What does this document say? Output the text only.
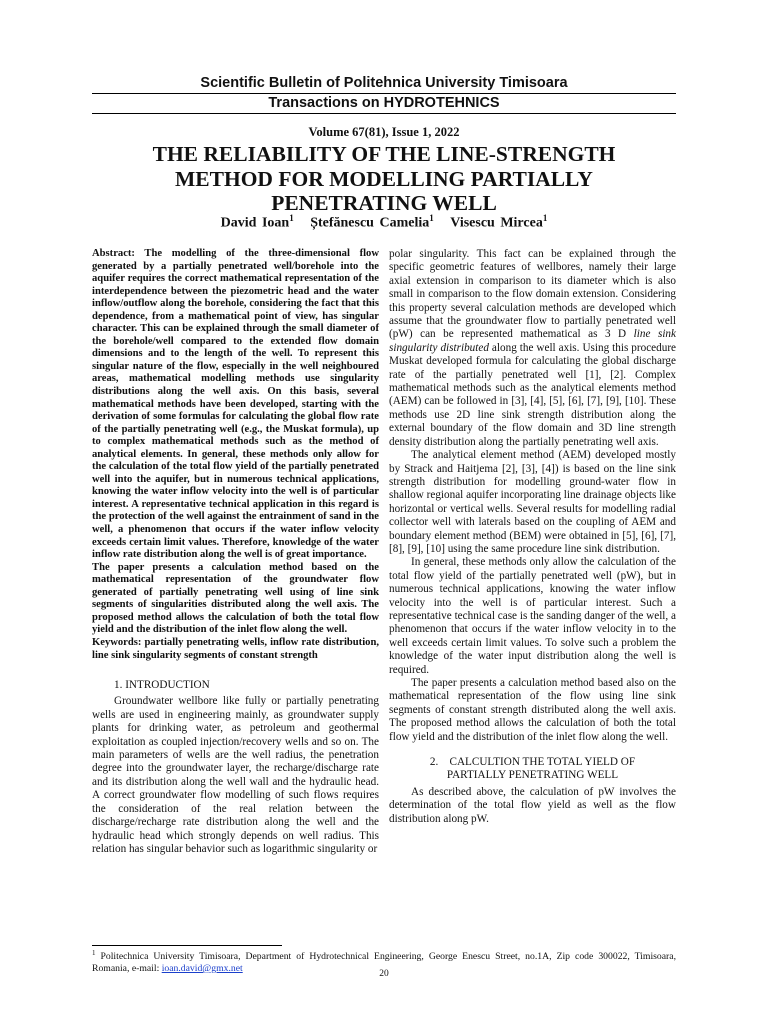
Scientific Bulletin of Politehnica University Timisoara
Transactions on HYDROTEHNICS
Volume 67(81), Issue 1, 2022
THE RELIABILITY OF THE LINE-STRENGTH METHOD FOR MODELLING PARTIALLY PENETRATING WELL
David Ioan$^1$ Ștefănescu Camelia$^1$ Visescu Mircea$^1$

Abstract: The modelling of the three-dimensional flow generated by a partially penetrated well/borehole into the aquifer requires the correct mathematical representation of the interdependence between the piezometric head and the water inflow/outflow along the borehole, considering the fact that this dependence, from a mathematical point of view, has singular character. This can be explained through the small diameter of the borehole/well compared to the extended flow domain dimensions and to the length of the well. To represent this singular nature of the flow, especially in the well neighboured areas, mathematical modelling methods use singularity distributions along the well axis. On this basis, several mathematical methods have been developed, starting with the derivation of some formulas for calculating the global flow rate of the partially penetrating well (e.g., the Muskat formula), up to complex mathematical methods such as the method of analytical elements. In general, these methods only allow for the calculation of the total flow yield of the partially penetrated well into the aquifer, but in numerous technical applications, knowing the water inflow velocity into the well is of particular interest. A representative technical application in this regard is the protection of the well against the entrainment of sand in the well, a phenomenon that occurs if the water inflow velocity exceeds certain limit values. Therefore, knowledge of the water inflow rate distribution along the well is of great importance.

The paper presents a calculation method based on the mathematical representation of the groundwater flow generated of partially penetrating well using of line sink segments of singularities distributed along the well axis. The proposed method allows the calculation of both the total flow yield and the distribution of the inlet flow along the well.

Keywords: partially penetrating wells, inflow rate distribution, line sink singularity segments of constant strength

1. INTRODUCTION

Groundwater wellbore like fully or partially penetrating wells are used in engineering mainly, as groundwater supply plants for drinking water, as petroleum and geothermal exploitation as coupled injection/recovery wells and so on. The main parameters of wells are the well radius, the penetration degree into the groundwater layer, the recharge/discharge rate and its distribution along the well wall and the hydraulic head. A correct groundwater flow modelling of such flows requires the consideration of the real relation between the discharge/recharge rate distribution along the well and the hydraulic head which strongly depends on well radius. This relation has singular behavior such as logarithmic singularity or

polar singularity. This fact can be explained through the specific geometric features of wellbores, namely their large axial extension in comparison to its diameter which is also small in comparison to the flow domain extension. Considering this property several calculation methods are developed which assume that the groundwater flow to partially penetrated well (pW) can be represented mathematical as 3 D line sink singularity distributed along the well axis. Using this procedure Muskat developed formula for calculating the global discharge rate of the partially penetrated well [1], [2]. Complex mathematical methods such as the analytical elements method (AEM) can be followed in [3], [4], [5], [6], [7], [9], [10]. These methods use 2D line sink strength distribution along the external boundary of the flow domain and 3D line strength density distribution along the partially penetrating well axis.

The analytical element method (AEM) developed mostly by Strack and Haitjema [2], [3], [4]) is based on the line sink strength distribution for modelling ground-water flow in shallow regional aquifer incorporating line drainage objects like horizontal or vertical wells. Several results for modelling radial collector well with laterals based on the coupling of AEM and boundary element method (BEM) were obtained in [5], [6], [7], [8], [9], [10] using the same procedure line sink distribution.

In general, these methods only allow the calculation of the total flow yield of the partially penetrated well (pW), but in numerous technical applications, knowing the water inflow velocity into the well is of particular interest. Such a representative technical case is the sanding danger of the well, a phenomenon that occurs if the water inflow velocity in to the well exceeds certain limit values. To solve such a problem the knowledge of the water input distribution along the well is required.

The paper presents a calculation method based also on the mathematical representation of the flow using line sink segments of constant strength distributed along the well axis. The proposed method allows the calculation of both the total flow yield and the distribution of the inlet flow along the well.

2.    CALCULTION THE TOTAL YIELD OF
PARTIALLY PENETRATING WELL

As described above, the calculation of pW involves the determination of the total flow yield as well as the flow distribution along pW.

$^1$ Politechnica University Timisoara, Department of Hydrotechnical Engineering, George Enescu Street, no.1A, Zip code 300022, Timisoara, Romania, e-mail: ioan.david@gmx.net
20
